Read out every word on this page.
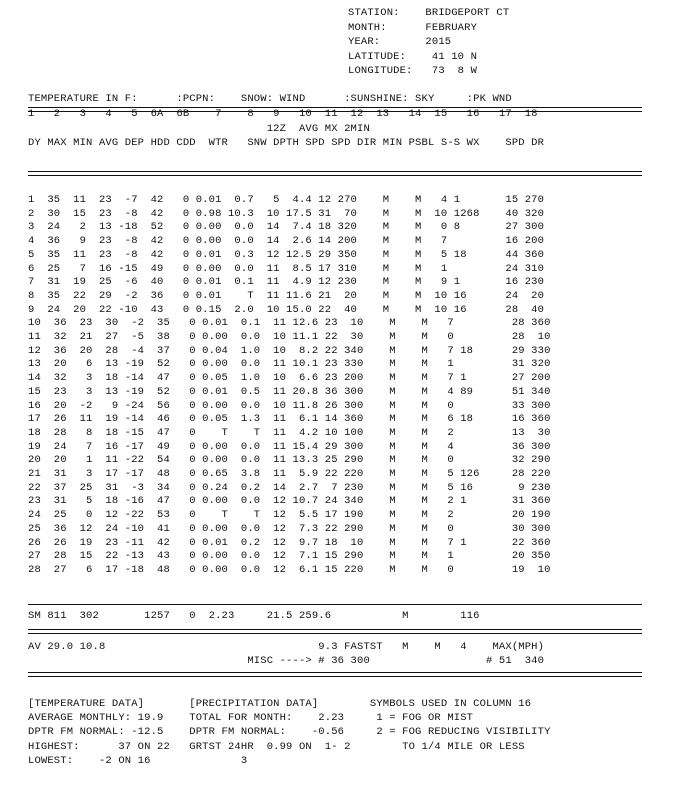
STATION:    BRIDGEPORT CT
MONTH:      FEBRUARY
YEAR:       2015
LATITUDE:    41 10 N
LONGITUDE:   73  8 W
TEMPERATURE IN F:      :PCPN:    SNOW: WIND      :SUNSHINE: SKY     :PK WND
1   2   3   4   5  6A  6B    7    8   9   10  11  12  13   14  15   16   17  18
12Z  AVG MX 2MIN
DY MAX MIN AVG DEP HDD CDD  WTR   SNW DPTH SPD SPD DIR MIN PSBL S-S WX    SPD DR
1  35  11  23  -7  42   0 0.01  0.7   5  4.4 12 270    M    M   4 1       15 270
2  30  15  23  -8  42   0 0.98 10.3  10 17.5 31  70    M    M  10 1268    40 320
3  24   2  13 -18  52   0 0.00  0.0  14  7.4 18 320    M    M   0 8       27 300
4  36   9  23  -8  42   0 0.00  0.0  14  2.6 14 200    M    M   7         16 200
5  35  11  23  -8  42   0 0.01  0.3  12 12.5 29 350    M    M   5 18      44 360
6  25   7  16 -15  49   0 0.00  0.0  11  8.5 17 310    M    M   1         24 310
7  31  19  25  -6  40   0 0.01  0.1  11  4.9 12 230    M    M   9 1       16 230
8  35  22  29  -2  36   0 0.01    T  11 11.6 21  20    M    M  10 16      24  20
9  24  20  22 -10  43   0 0.15  2.0  10 15.0 22  40    M    M  10 16      28  40
10  36  23  30  -2  35   0 0.01  0.1  11 12.6 23  10    M    M   7         28 360
11  32  21  27  -5  38   0 0.00  0.0  10 11.1 22  30    M    M   0         28  10
12  36  20  28  -4  37   0 0.04  1.0  10  8.2 22 340    M    M   7 18      29 330
13  20   6  13 -19  52   0 0.00  0.0  11 10.1 23 330    M    M   1         31 320
14  32   3  18 -14  47   0 0.05  1.0  10  6.6 23 200    M    M   7 1       27 200
15  23   3  13 -19  52   0 0.01  0.5  11 20.8 36 300    M    M   4 89      51 340
16  20  -2   9 -24  56   0 0.00  0.0  10 11.8 26 300    M    M   0         33 300
17  26  11  19 -14  46   0 0.05  1.3  11  6.1 14 360    M    M   6 18      16 360
18  28   8  18 -15  47   0    T    T  11  4.2 10 100    M    M   2         13  30
19  24   7  16 -17  49   0 0.00  0.0  11 15.4 29 300    M    M   4         36 300
20  20   1  11 -22  54   0 0.00  0.0  11 13.3 25 290    M    M   0         32 290
21  31   3  17 -17  48   0 0.65  3.8  11  5.9 22 220    M    M   5 126     28 220
22  37  25  31  -3  34   0 0.24  0.2  14  2.7  7 230    M    M   5 16       9 230
23  31   5  18 -16  47   0 0.00  0.0  12 10.7 24 340    M    M   2 1       31 360
24  25   0  12 -22  53   0    T    T  12  5.5 17 190    M    M   2         20 190
25  36  12  24 -10  41   0 0.00  0.0  12  7.3 22 290    M    M   0         30 300
26  26  19  23 -11  42   0 0.01  0.2  12  9.7 18  10    M    M   7 1       22 360
27  28  15  22 -13  43   0 0.00  0.0  12  7.1 15 290    M    M   1         20 350
28  27   6  17 -18  48   0 0.00  0.0  12  6.1 15 220    M    M   0         19  10
SM 811  302       1257   0  2.23     21.5 259.6           M        116
AV 29.0 10.8                                 9.3 FASTST   M    M   4    MAX(MPH)
MISC ----> # 36 300                  # 51  340
[TEMPERATURE DATA]       [PRECIPITATION DATA]        SYMBOLS USED IN COLUMN 16
AVERAGE MONTHLY: 19.9    TOTAL FOR MONTH:    2.23     1 = FOG OR MIST
DPTR FM NORMAL: -12.5    DPTR FM NORMAL:    -0.56     2 = FOG REDUCING VISIBILITY
HIGHEST:      37 ON 22   GRTST 24HR  0.99 ON  1- 2        TO 1/4 MILE OR LESS
LOWEST:    -2 ON 16              3
